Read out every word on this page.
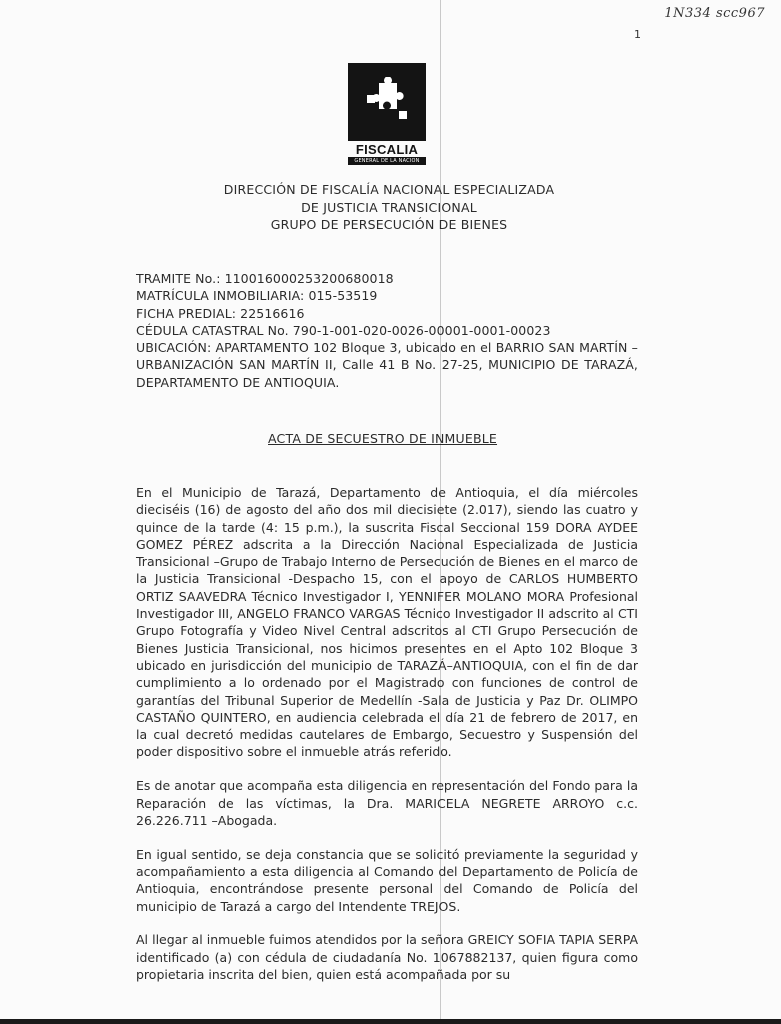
1N334 scc967
1
FISCALIA
GENERAL DE LA NACION
DIRECCIÓN DE FISCALÍA NACIONAL ESPECIALIZADA
DE JUSTICIA TRANSICIONAL
GRUPO DE PERSECUCIÓN DE BIENES
TRAMITE No.: 11001600025320068001​8
MATRÍCULA INMOBILIARIA: 015-53519
FICHA PREDIAL: 22516616
CÉDULA CATASTRAL No. 790-1-001-020-0026-00001-0001-00023
UBICACIÓN: APARTAMENTO 102 Bloque 3, ubicado en el BARRIO SAN MARTÍN –URBANIZACIÓN SAN MARTÍN II, Calle 41 B No. 27-25, MUNICIPIO DE TARAZÁ, DEPARTAMENTO DE ANTIOQUIA.
ACTA DE SECUESTRO DE INMUEBLE

En el Municipio de Tarazá, Departamento de Antioquia, el día miércoles dieciséis (16) de agosto del año dos mil diecisiete (2.017), siendo las cuatro y quince de la tarde (4: 15 p.m.), la suscrita Fiscal Seccional 159 DORA AYDEE GOMEZ PÉREZ adscrita a la Dirección Nacional Especializada de Justicia Transicional –Grupo de Trabajo Interno de Persecución de Bienes en el marco de la Justicia Transicional -Despacho 15, con el apoyo de CARLOS HUMBERTO ORTIZ SAAVEDRA Técnico Investigador I, YENNIFER MOLANO MORA Profesional Investigador III, ANGELO FRANCO VARGAS Técnico Investigador II adscrito al CTI Grupo Fotografía y Video Nivel Central adscritos al CTI Grupo Persecución de Bienes Justicia Transicional, nos hicimos presentes en el Apto 102 Bloque 3 ubicado en jurisdicción del municipio de TARAZÁ–ANTIOQUIA, con el fin de dar cumplimiento a lo ordenado por el Magistrado con funciones de control de garantías del Tribunal Superior de Medellín -Sala de Justicia y Paz Dr. OLIMPO CASTAÑO QUINTERO, en audiencia celebrada el día 21 de febrero de 2017, en la cual decretó medidas cautelares de Embargo, Secuestro y Suspensión del poder dispositivo sobre el inmueble atrás referido.

Es de anotar que acompaña esta diligencia en representación del Fondo para la Reparación de las víctimas, la Dra. MARICELA NEGRETE ARROYO c.c. 26.226.711 –Abogada.

En igual sentido, se deja constancia que se solicitó previamente la seguridad y acompañamiento a esta diligencia al Comando del Departamento de Policía de Antioquia, encontrándose presente personal del Comando de Policía del municipio de Tarazá a cargo del Intendente TREJOS.

Al llegar al inmueble fuimos atendidos por la señora GREICY SOFIA TAPIA SERPA identificado (a) con cédula de ciudadanía No. 1067882137, quien figura como propietaria inscrita del bien, quien está acompañada por su
